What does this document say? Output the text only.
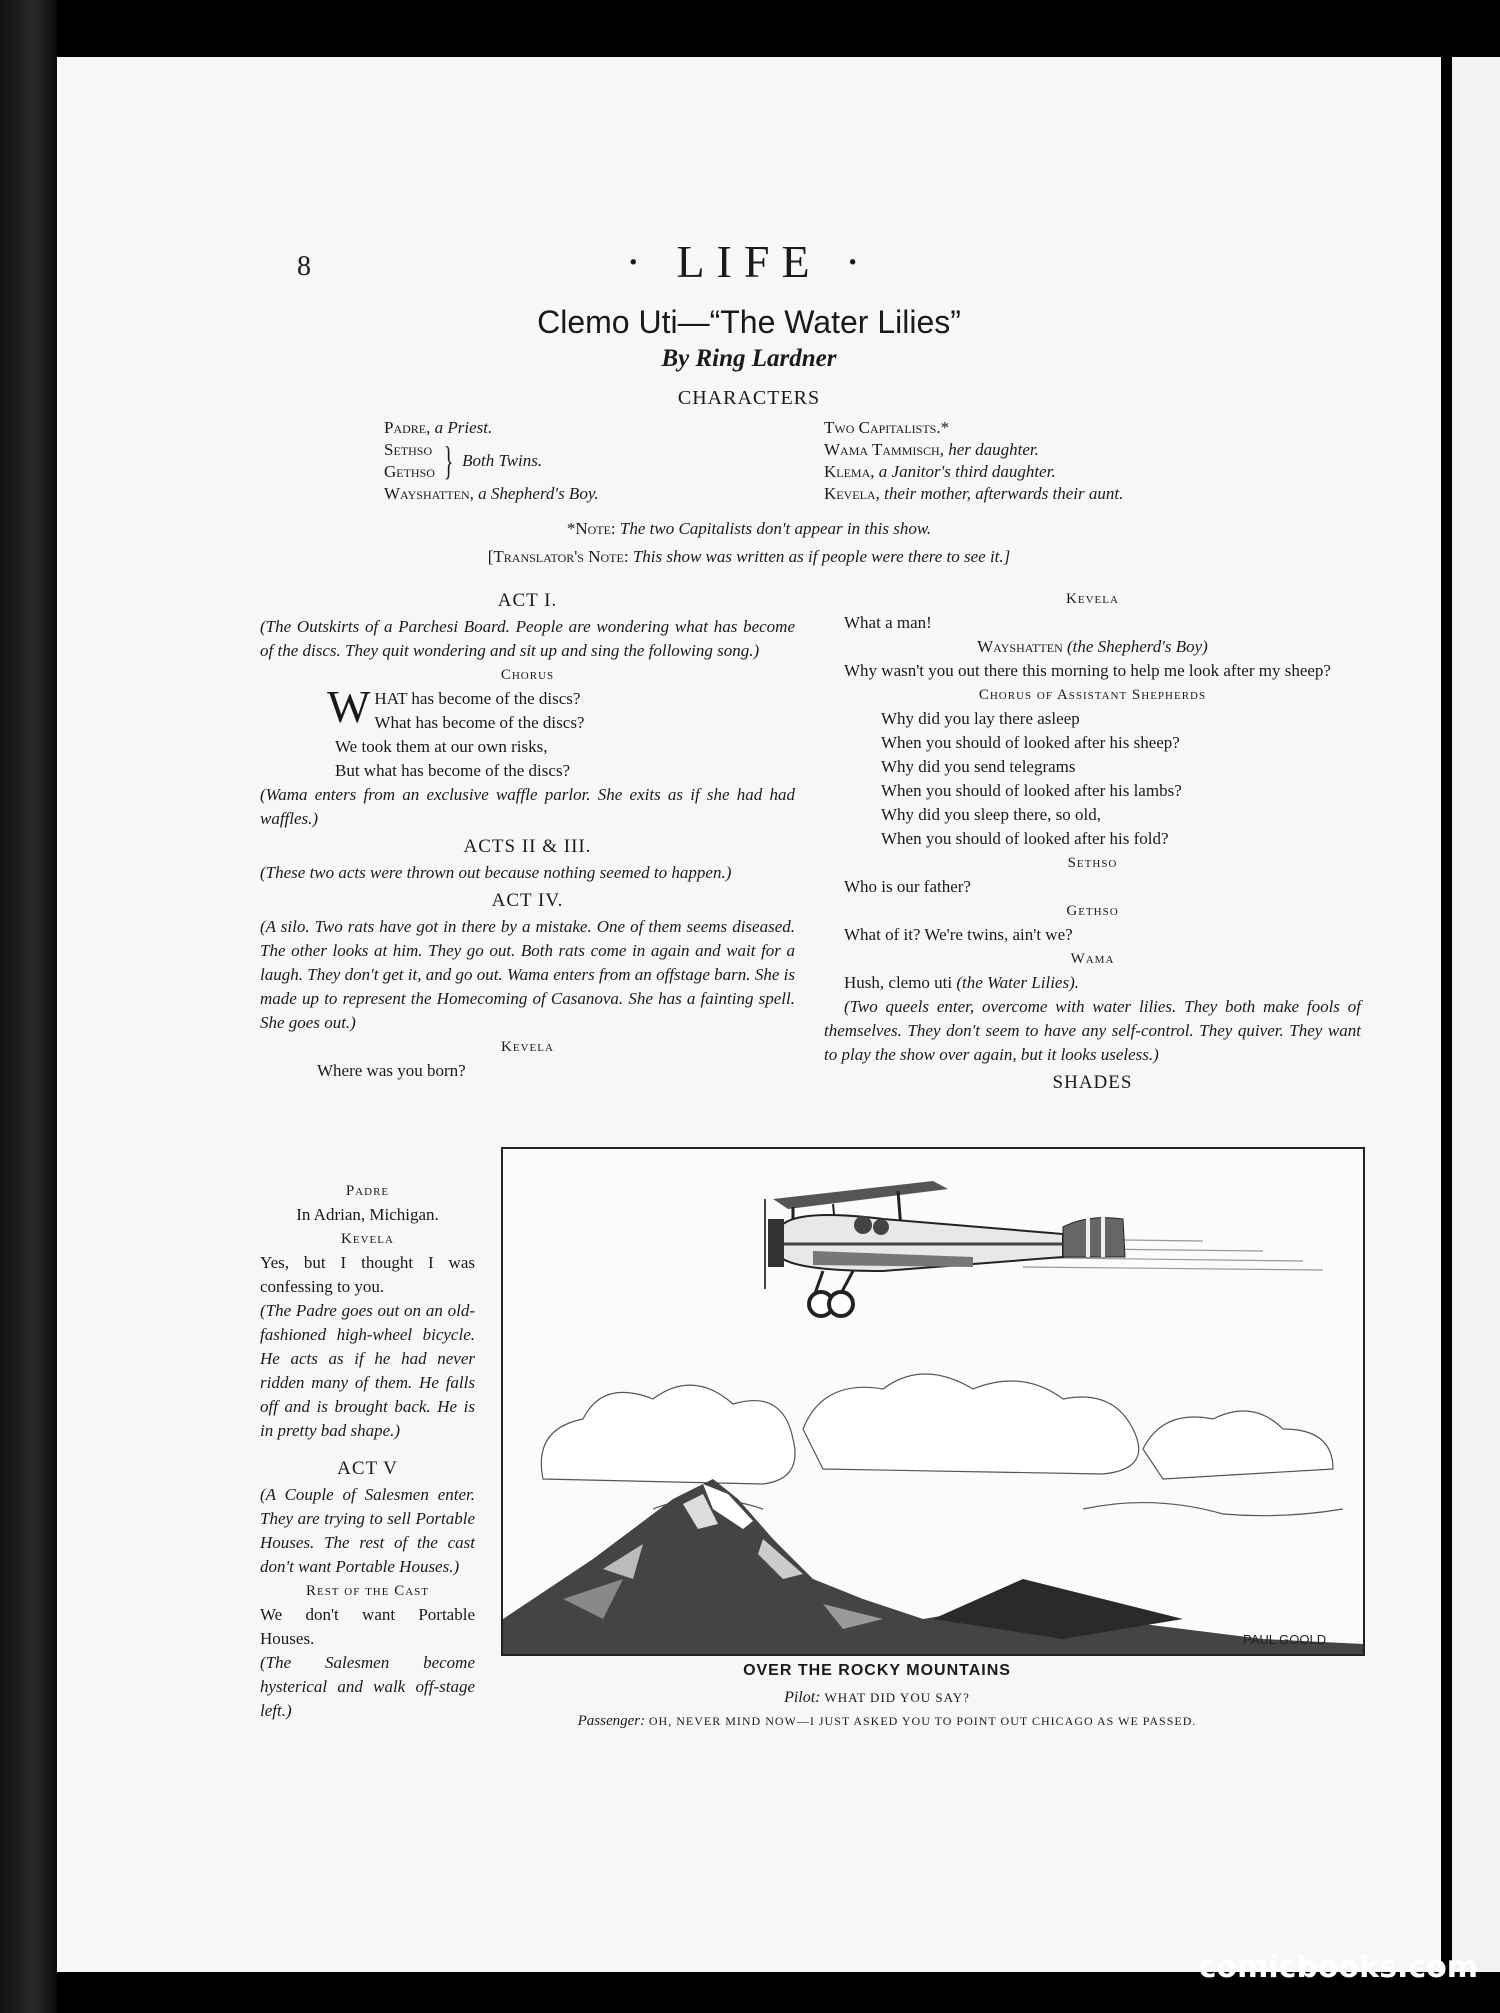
8	· LIFE ·
Clemo Uti—“The Water Lilies”
By Ring Lardner
CHARACTERS
Padre, a Priest.
Sethso
Gethso } Both Twins.
Wayshatten, a Shepherd's Boy.
Two Capitalists.*
Wama Tammisch, her daughter.
Klema, a Janitor's third daughter.
Kevela, their mother, afterwards their aunt.
*Note: The two Capitalists don't appear in this show.
[Translator's Note: This show was written as if people were there to see it.]

ACT I.

(The Outskirts of a Parchesi Board. People are wondering what has become of the discs. They quit wondering and sit up and sing the following song.)

Chorus

W HAT has become of the discs?
What has become of the discs?
We took them at our own risks,
But what has become of the discs?

(Wama enters from an exclusive waffle parlor. She exits as if she had had waffles.)

ACTS II & III.

(These two acts were thrown out because nothing seemed to happen.)

ACT IV.

(A silo. Two rats have got in there by a mistake. One of them seems diseased. The other looks at him. They go out. Both rats come in again and wait for a laugh. They don't get it, and go out. Wama enters from an offstage barn. She is made up to represent the Homecoming of Casanova. She has a fainting spell. She goes out.)

Kevela

Where was you born?

Padre

In Adrian, Michigan.

Kevela

Yes, but I thought I was confessing to you.

(The Padre goes out on an old-fashioned high-wheel bicycle. He acts as if he had never ridden many of them. He falls off and is brought back. He is in pretty bad shape.)

ACT V

(A Couple of Salesmen enter. They are trying to sell Portable Houses. The rest of the cast don't want Portable Houses.)

Rest of the Cast

We don't want Portable Houses.

(The Salesmen become hysterical and walk off-stage left.)

Kevela

What a man!

Wayshatten (the Shepherd's Boy)

Why wasn't you out there this morning to help me look after my sheep?

Chorus of Assistant Shepherds

Why did you lay there asleep
When you should of looked after his sheep?
Why did you send telegrams
When you should of looked after his lambs?
Why did you sleep there, so old,
When you should of looked after his fold?

Sethso

Who is our father?

Gethso

What of it? We're twins, ain't we?

Wama

Hush, clemo uti (the Water Lilies).

(Two queels enter, overcome with water lilies. They both make fools of themselves. They don't seem to have any self-control. They quiver. They want to play the show over again, but it looks useless.)

SHADES

PAUL GOOLD
OVER THE ROCKY MOUNTAINS
Pilot: WHAT DID YOU SAY?
Passenger: OH, NEVER MIND NOW—I JUST ASKED YOU TO POINT OUT CHICAGO AS WE PASSED.
comicbooks.com
